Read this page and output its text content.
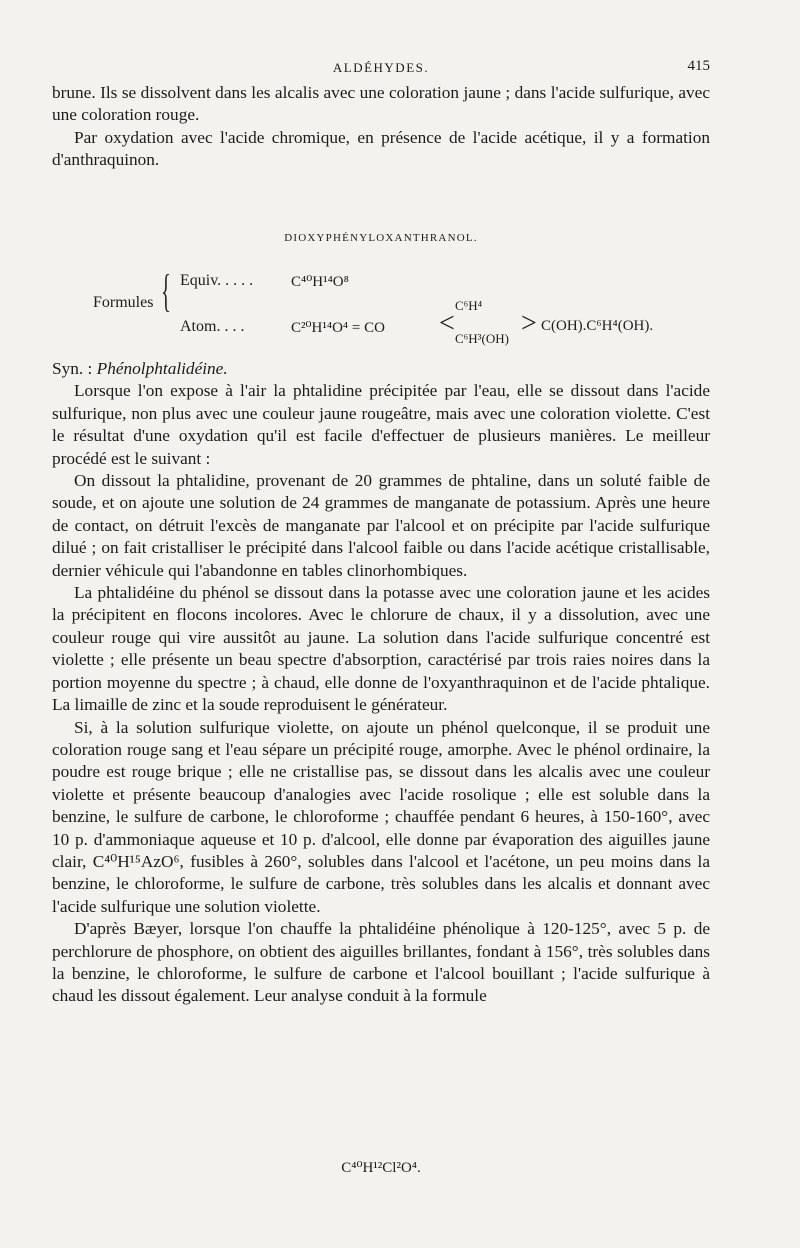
ALDÉHYDES.	415

brune. Ils se dissolvent dans les alcalis avec une coloration jaune ; dans l'acide sulfurique, avec une coloration rouge.

Par oxydation avec l'acide chromique, en présence de l'acide acétique, il y a formation d'anthraquinon.

DIOXYPHÉNYLOXANTHRANOL.
Formules { Equiv. . . . .	C⁴⁰H¹⁴O⁸
Atom. . . .	C²⁰H¹⁴O⁴ = CO <
C⁶H⁴
C⁶H³(OH) > C(OH).C⁶H⁴(OH).

Syn. : Phénolphtalidéine.

Lorsque l'on expose à l'air la phtalidine précipitée par l'eau, elle se dissout dans l'acide sulfurique, non plus avec une couleur jaune rougeâtre, mais avec une coloration violette. C'est le résultat d'une oxydation qu'il est facile d'effectuer de plusieurs manières. Le meilleur procédé est le suivant :

On dissout la phtalidine, provenant de 20 grammes de phtaline, dans un soluté faible de soude, et on ajoute une solution de 24 grammes de manganate de potassium. Après une heure de contact, on détruit l'excès de manganate par l'alcool et on précipite par l'acide sulfurique dilué ; on fait cristalliser le précipité dans l'alcool faible ou dans l'acide acétique cristallisable, dernier véhicule qui l'abandonne en tables clinorhombiques.

La phtalidéine du phénol se dissout dans la potasse avec une coloration jaune et les acides la précipitent en flocons incolores. Avec le chlorure de chaux, il y a dissolution, avec une couleur rouge qui vire aussitôt au jaune. La solution dans l'acide sulfurique concentré est violette ; elle présente un beau spectre d'absorption, caractérisé par trois raies noires dans la portion moyenne du spectre ; à chaud, elle donne de l'oxyanthraquinon et de l'acide phtalique. La limaille de zinc et la soude reproduisent le générateur.

Si, à la solution sulfurique violette, on ajoute un phénol quelconque, il se produit une coloration rouge sang et l'eau sépare un précipité rouge, amorphe. Avec le phénol ordinaire, la poudre est rouge brique ; elle ne cristallise pas, se dissout dans les alcalis avec une couleur violette et présente beaucoup d'analogies avec l'acide rosolique ; elle est soluble dans la benzine, le sulfure de carbone, le chloroforme ; chauffée pendant 6 heures, à 150-160°, avec 10 p. d'ammoniaque aqueuse et 10 p. d'alcool, elle donne par évaporation des aiguilles jaune clair, C⁴⁰H¹⁵AzO⁶, fusibles à 260°, solubles dans l'alcool et l'acétone, un peu moins dans la benzine, le chloroforme, le sulfure de carbone, très solubles dans les alcalis et donnant avec l'acide sulfurique une solution violette.

D'après Bæyer, lorsque l'on chauffe la phtalidéine phénolique à 120-125°, avec 5 p. de perchlorure de phosphore, on obtient des aiguilles brillantes, fondant à 156°, très solubles dans la benzine, le chloroforme, le sulfure de carbone et l'alcool bouillant ; l'acide sulfurique à chaud les dissout également. Leur analyse conduit à la formule

C⁴⁰H¹²Cl²O⁴.
